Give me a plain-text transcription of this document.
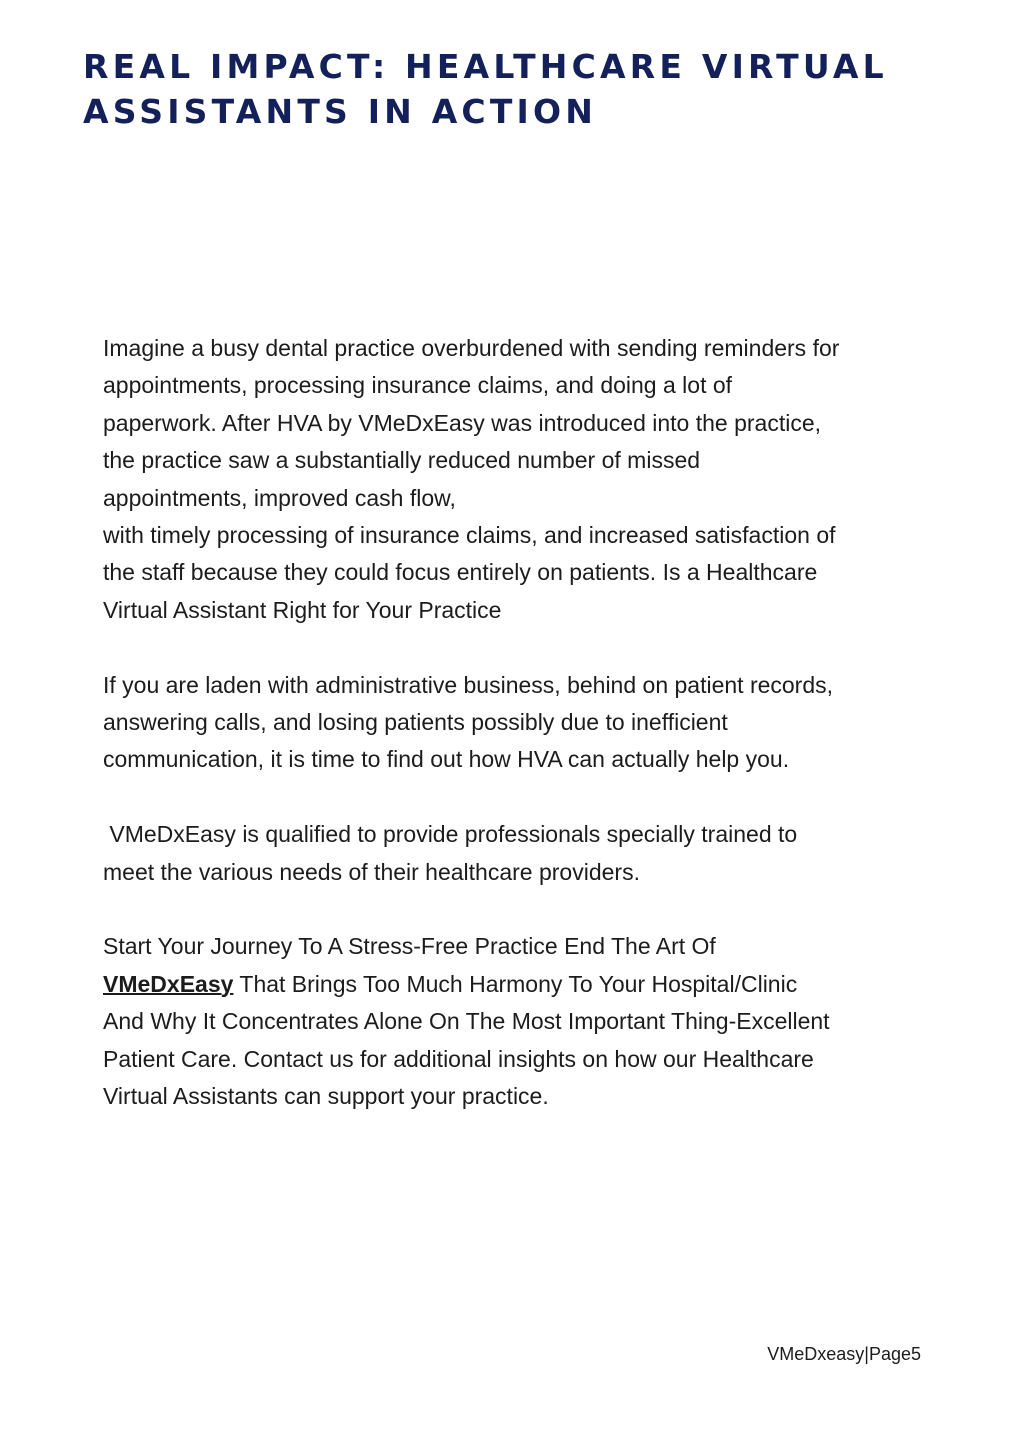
REAL IMPACT: HEALTHCARE VIRTUAL
ASSISTANTS IN ACTION

Imagine a busy dental practice overburdened with sending reminders for
appointments, processing insurance claims, and doing a lot of
paperwork. After HVA by VMeDxEasy was introduced into the practice,
the practice saw a substantially reduced number of missed
appointments, improved cash flow,
with timely processing of insurance claims, and increased satisfaction of
the staff because they could focus entirely on patients. Is a Healthcare
Virtual Assistant Right for Your Practice

If you are laden with administrative business, behind on patient records,
answering calls, and losing patients possibly due to inefficient
communication, it is time to find out how HVA can actually help you.

VMeDxEasy is qualified to provide professionals specially trained to
meet the various needs of their healthcare providers.

Start Your Journey To A Stress-Free Practice End The Art Of
VMeDxEasy That Brings Too Much Harmony To Your Hospital/Clinic
And Why It Concentrates Alone On The Most Important Thing-Excellent
Patient Care. Contact us for additional insights on how our Healthcare
Virtual Assistants can support your practice.

VMeDxeasy|Page5
